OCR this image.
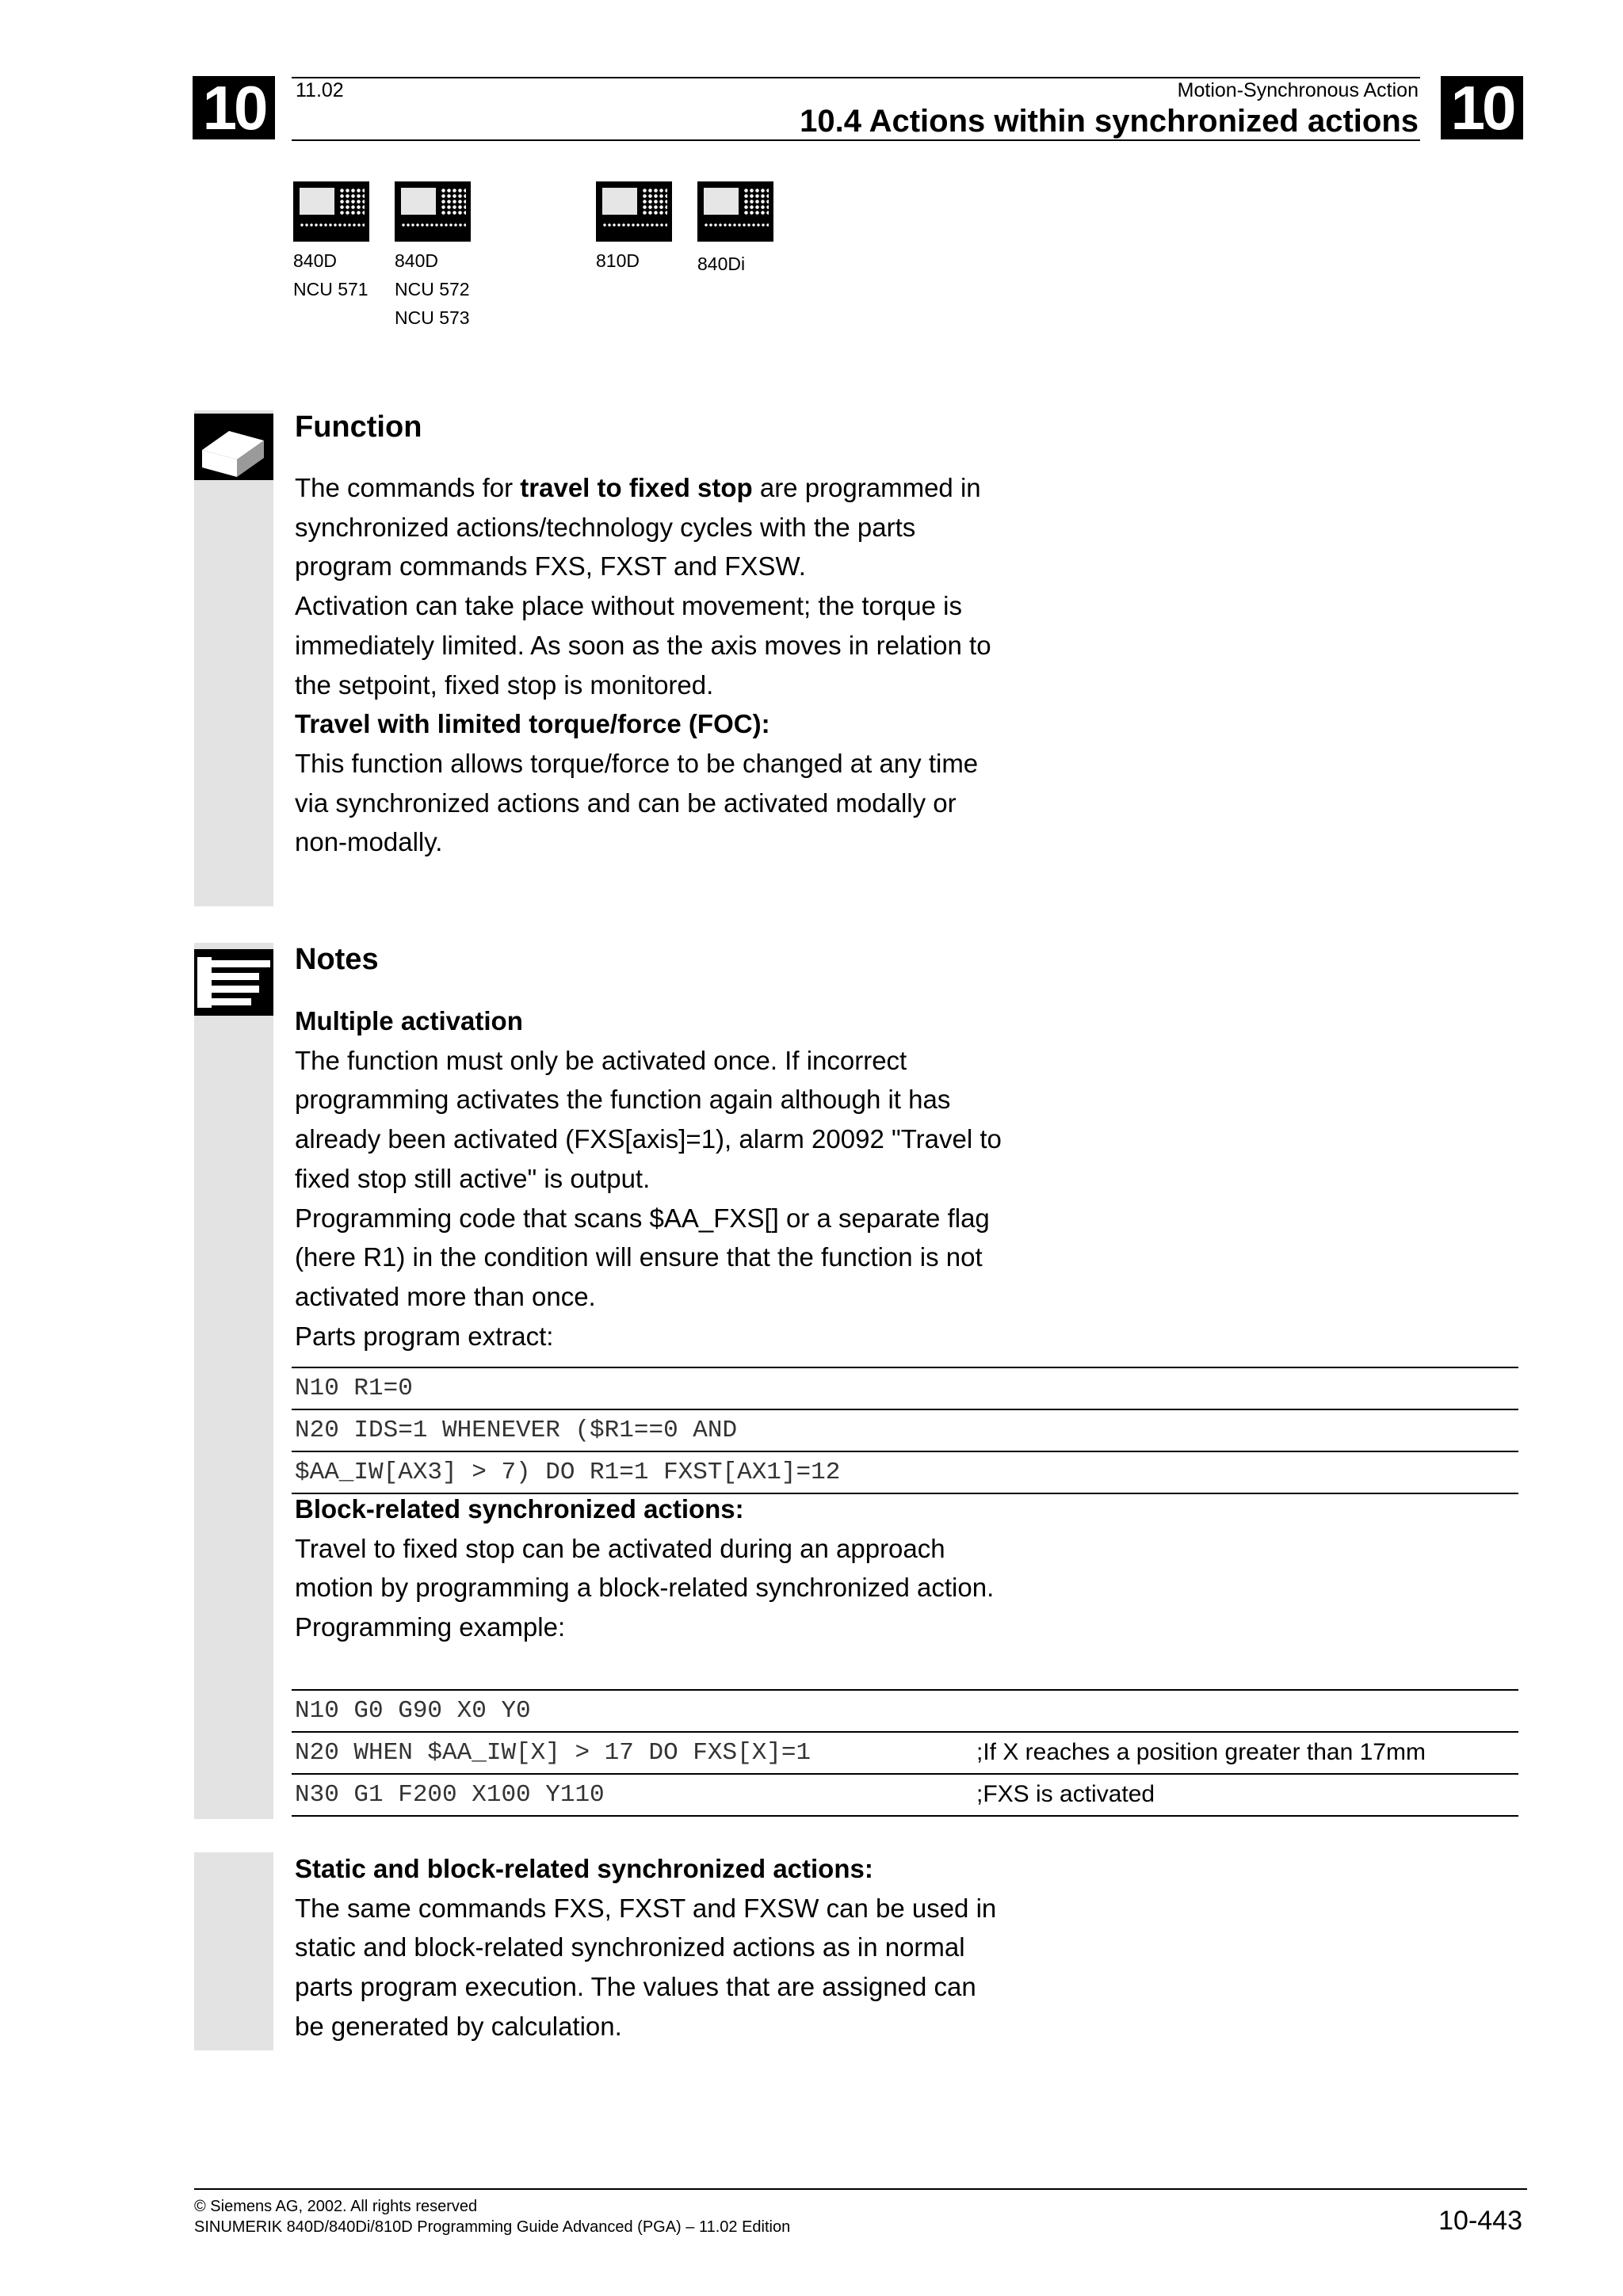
10	10
11.02	Motion-Synchronous Action
10.4 Actions within synchronized actions
840D
NCU 571
840D
NCU 572
NCU 573
810D	840Di
Function
The commands for travel to fixed stop are programmed in synchronized actions/technology cycles with the parts program commands FXS, FXST and FXSW.
Activation can take place without movement; the torque is immediately limited. As soon as the axis moves in relation to the setpoint, fixed stop is monitored.
Travel with limited torque/force (FOC):
This function allows torque/force to be changed at any time via synchronized actions and can be activated modally or non-modally.
Notes
Multiple activation
The function must only be activated once. If incorrect programming activates the function again although it has already been activated (FXS[axis]=1), alarm 20092 "Travel to fixed stop still active" is output.
Programming code that scans $AA_FXS[] or a separate flag (here R1) in the condition will ensure that the function is not activated more than once.
Parts program extract:
N10 R1=0
N20 IDS=1 WHENEVER ($R1==0 AND
$AA_IW[AX3] > 7) DO R1=1 FXST[AX1]=12
Block-related synchronized actions:
Travel to fixed stop can be activated during an approach motion by programming a block-related synchronized action.
Programming example:
N10 G0 G90 X0 Y0
N20 WHEN $AA_IW[X] > 17 DO FXS[X]=1	;If X reaches a position greater than 17mm
N30 G1 F200 X100 Y110	;FXS is activated
Static and block-related synchronized actions:
The same commands FXS, FXST and FXSW can be used in static and block-related synchronized actions as in normal parts program execution. The values that are assigned can be generated by calculation.
© Siemens AG, 2002. All rights reserved
SINUMERIK 840D/840Di/810D Programming Guide Advanced (PGA) – 11.02 Edition	10-443
